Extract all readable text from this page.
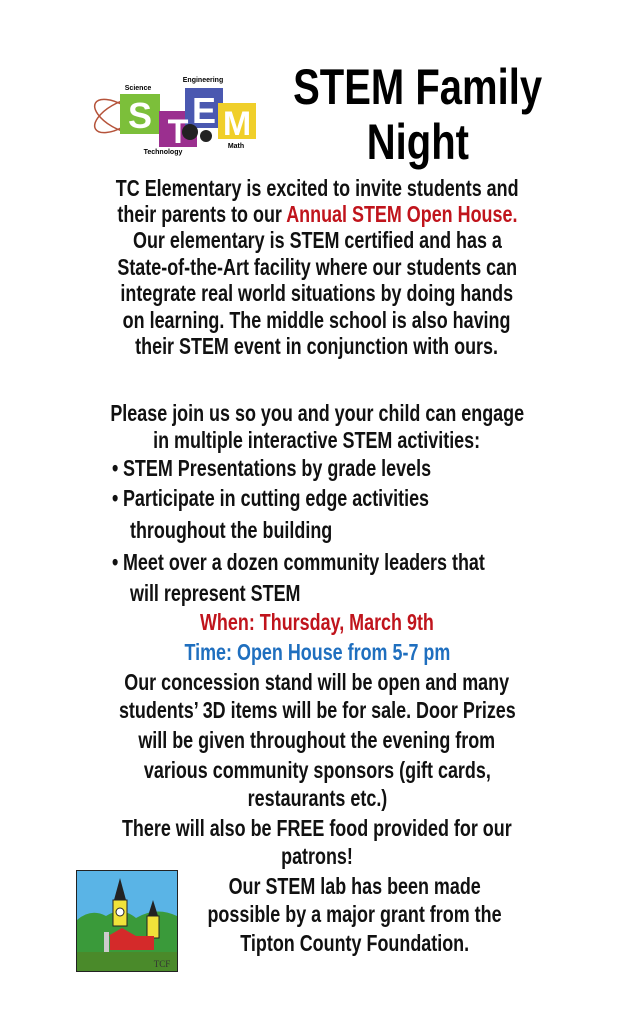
S T
E M
Science
Technology
Engineering
Math
STEM Family
Night
TC Elementary is excited to invite students and
their parents to our Annual STEM Open House.
Our elementary is STEM certified and has a
State-of-the-Art facility where our students can
integrate real world situations by doing hands
on learning. The middle school is also having
their STEM event in conjunction with ours.
Please join us so you and your child can engage
in multiple interactive STEM activities:
• STEM Presentations by grade levels
• Participate in cutting edge activities
throughout the building
• Meet over a dozen community leaders that
will represent STEM
When: Thursday, March 9th
Time: Open House from 5-7 pm
Our concession stand will be open and many
students’ 3D items will be for sale. Door Prizes
will be given throughout the evening from
various community sponsors (gift cards,
restaurants etc.)
There will also be FREE food provided for our
patrons!
TCF
Our STEM lab has been made
possible by a major grant from the
Tipton County Foundation.
